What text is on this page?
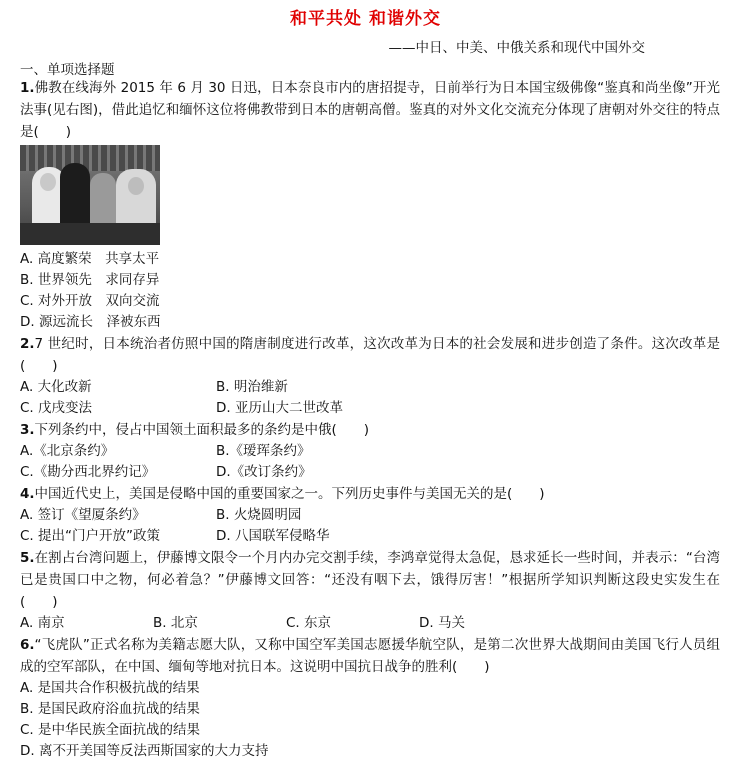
和平共处 和谐外交
——中日、中美、中俄关系和现代中国外交
一、单项选择题
1.佛教在线海外 2015 年 6 月 30 日迅，日本奈良市内的唐招提寺，日前举行为日本国宝级佛像“鉴真和尚坐像”开光法事(见右图)，借此追忆和缅怀这位将佛教带到日本的唐朝高僧。鉴真的对外文化交流充分体现了唐朝对外交往的特点是(　　)
A. 高度繁荣　共享太平
B. 世界领先　求同存异
C. 对外开放　双向交流
D. 源远流长　泽被东西
2.7 世纪时，日本统治者仿照中国的隋唐制度进行改革，这次改革为日本的社会发展和进步创造了条件。这次改革是(　　)
A. 大化改新	B. 明治维新
C. 戊戌变法	D. 亚历山大二世改革
3.下列条约中，侵占中国领土面积最多的条约是中俄(　　)
A.《北京条约》	B.《瑷珲条约》
C.《勘分西北界约记》	D.《改订条约》
4.中国近代史上，美国是侵略中国的重要国家之一。下列历史事件与美国无关的是(　　)
A. 签订《望厦条约》	B. 火烧圆明园
C. 提出“门户开放”政策	D. 八国联军侵略华
5.在割占台湾问题上，伊藤博文限令一个月内办完交割手续，李鸿章觉得太急促，恳求延长一些时间，并表示：“台湾已是贵国口中之物，何必着急？”伊藤博文回答：“还没有咽下去，饿得厉害！”根据所学知识判断这段史实发生在(　　)
A. 南京	B. 北京	C. 东京	D. 马关
6.“飞虎队”正式名称为美籍志愿大队，又称中国空军美国志愿援华航空队，是第二次世界大战期间由美国飞行人员组成的空军部队，在中国、缅甸等地对抗日本。这说明中国抗日战争的胜利(　　)
A. 是国共合作积极抗战的结果
B. 是国民政府浴血抗战的结果
C. 是中华民族全面抗战的结果
D. 离不开美国等反法西斯国家的大力支持
